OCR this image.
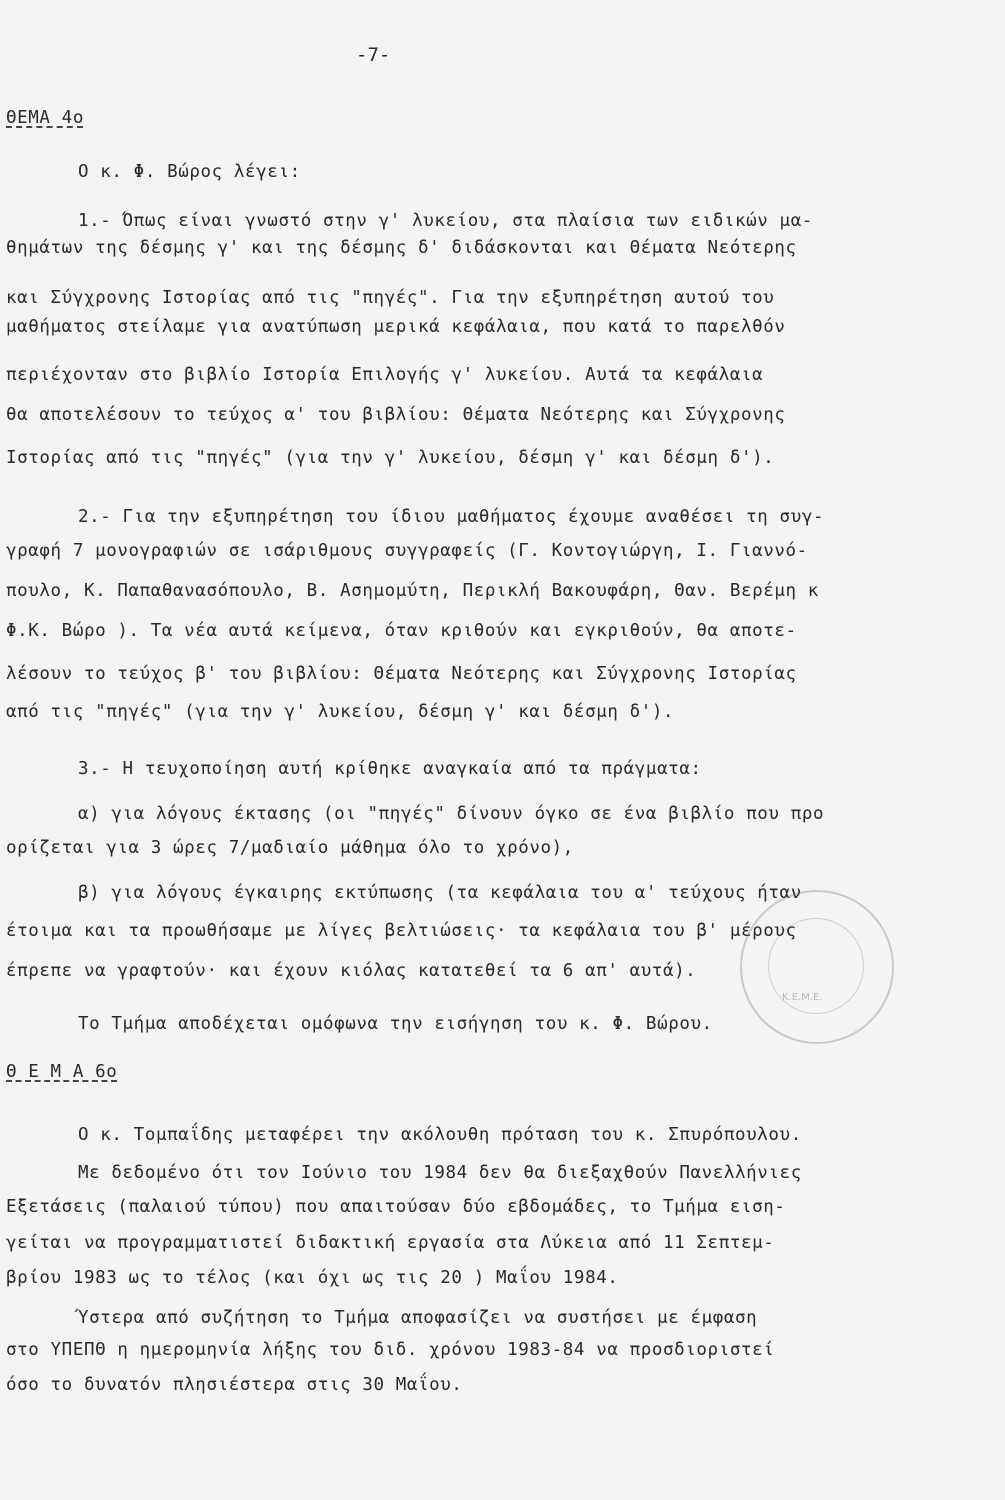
-7-
ΘΕΜΑ 4ο
Ο κ. Φ. Βώρος λέγει:
1.- Όπως είναι γνωστό στην γ' λυκείου, στα πλαίσια των ειδικών μα-
θημάτων της δέσμης γ' και της δέσμης δ' διδάσκονται και Θέματα Νεότερης
και Σύγχρονης Ιστορίας από τις "πηγές". Για την εξυπηρέτηση αυτού του
μαθήματος στείλαμε για ανατύπωση μερικά κεφάλαια, που κατά το παρελθόν
περιέχονταν στο βιβλίο Ιστορία Επιλογής γ' λυκείου. Αυτά τα κεφάλαια
θα αποτελέσουν το τεύχος α' του βιβλίου: Θέματα Νεότερης και Σύγχρονης
Ιστορίας από τις "πηγές" (για την γ' λυκείου, δέσμη γ' και δέσμη δ').
2.- Για την εξυπηρέτηση του ίδιου μαθήματος έχουμε αναθέσει τη συγ-
γραφή 7 μονογραφιών σε ισάριθμους συγγραφείς (Γ. Κοντογιώργη, Ι. Γιαννό-
πουλο, Κ. Παπαθανασόπουλο, Β. Ασημομύτη, Περικλή Βακουφάρη, Θαν. Βερέμη κ
Φ.Κ. Βώρο ). Τα νέα αυτά κείμενα, όταν κριθούν και εγκριθούν, θα αποτε-
λέσουν το τεύχος β' του βιβλίου: Θέματα Νεότερης και Σύγχρονης Ιστορίας
από τις "πηγές" (για την γ' λυκείου, δέσμη γ' και δέσμη δ').
3.- Η τευχοποίηση αυτή κρίθηκε αναγκαία από τα πράγματα:
α) για λόγους έκτασης (οι "πηγές" δίνουν όγκο σε ένα βιβλίο που προ
ορίζεται για 3 ώρες 7/μαδιαίο μάθημα όλο το χρόνο),
β) για λόγους έγκαιρης εκτύπωσης (τα κεφάλαια του α' τεύχους ήταν
έτοιμα και τα προωθήσαμε με λίγες βελτιώσεις· τα κεφάλαια του β' μέρους
έπρεπε να γραφτούν· και έχουν κιόλας κατατεθεί τα 6 απ' αυτά).
Το Τμήμα αποδέχεται ομόφωνα την εισήγηση του κ. Φ. Βώρου.
Θ Ε Μ Α 6ο
Ο κ. Τομπαΐδης μεταφέρει την ακόλουθη πρόταση του κ. Σπυρόπουλου.
Με δεδομένο ότι τον Ιούνιο του 1984 δεν θα διεξαχθούν Πανελλήνιες
Εξετάσεις (παλαιού τύπου) που απαιτούσαν δύο εβδομάδες, το Τμήμα ειση-
γείται να προγραμματιστεί διδακτική εργασία στα Λύκεια από 11 Σεπτεμ-
βρίου 1983 ως το τέλος (και όχι ως τις 20 ) Μαΐου 1984.
Ύστερα από συζήτηση το Τμήμα αποφασίζει να συστήσει με έμφαση
στο ΥΠΕΠΘ η ημερομηνία λήξης του διδ. χρόνου 1983-84 να προσδιοριστεί
όσο το δυνατόν πλησιέστερα στις 30 Μαΐου.
Κ.Ε.Μ.Ε.
